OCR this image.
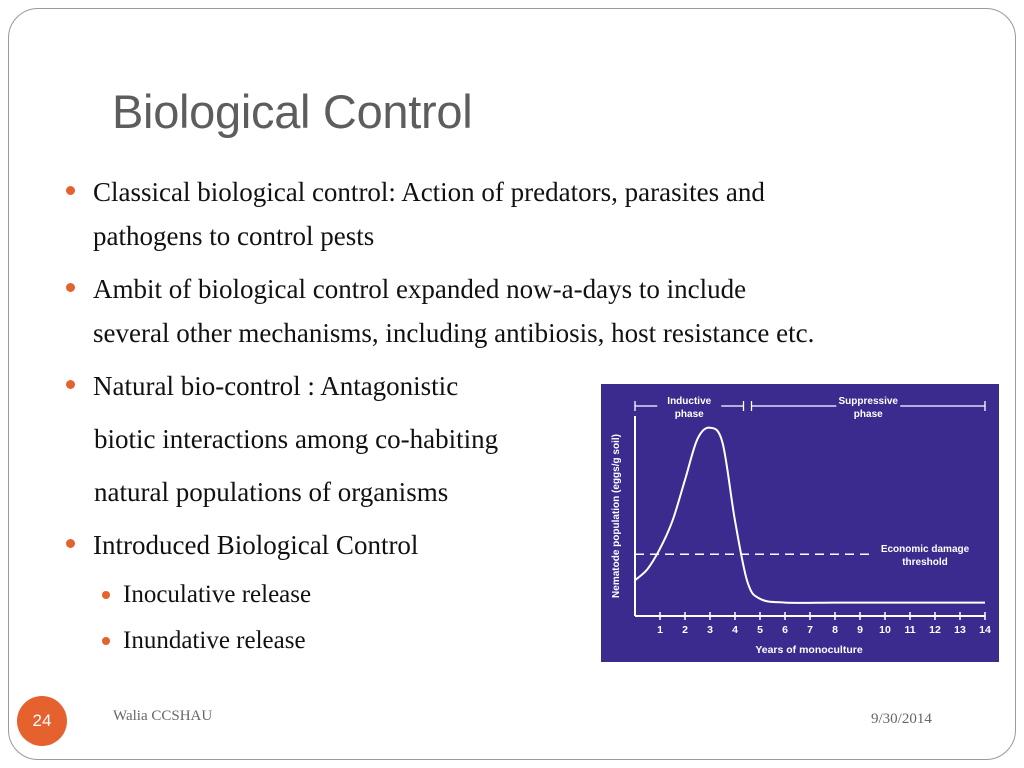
Biological Control
Classical biological control: Action of predators, parasites and
pathogens to control pests
Ambit of biological control expanded now-a-days to include
several other mechanisms, including antibiosis, host resistance etc.
Natural bio-control : Antagonistic
biotic interactions among co-habiting
natural populations of organisms
Introduced Biological Control
Inoculative release
Inundative release
Inductive
phase
Suppressive
phase
1 2 3 4 5 6 7 8 9 10 11 12 13 14
Economic damage
threshold
Nematode population (eggs/g soil)
Years of monoculture
24	Walia CCSHAU	9/30/2014
